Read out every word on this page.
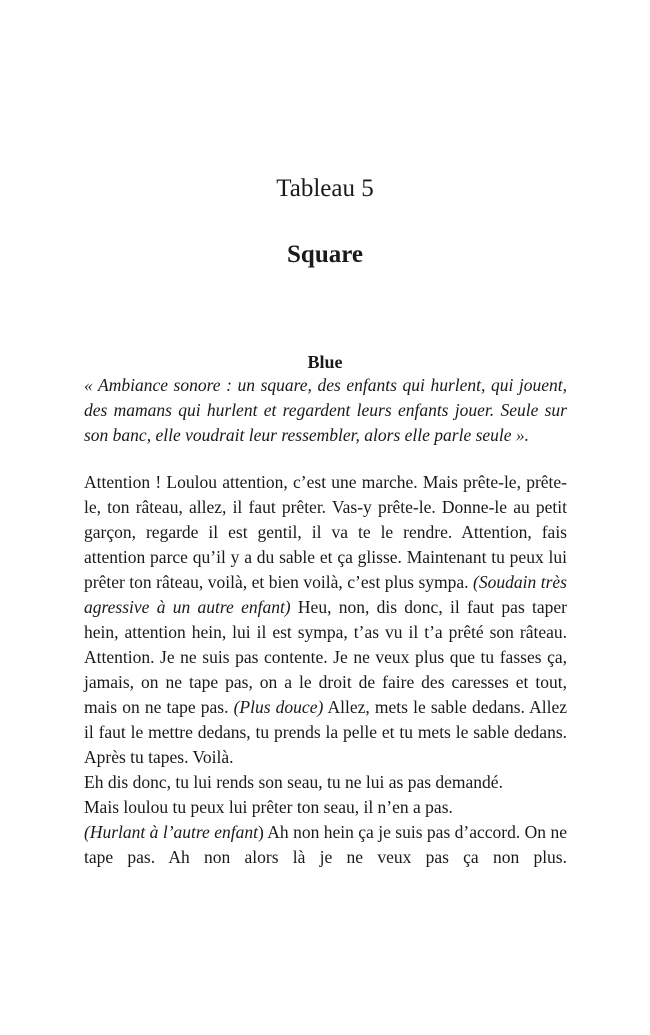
Tableau 5
Square
Blue
« Ambiance sonore : un square, des enfants qui hurlent, qui jouent, des mamans qui hurlent et regardent leurs enfants jouer. Seule sur son banc, elle voudrait leur ressembler, alors elle parle seule ».

Attention ! Loulou attention, c’est une marche. Mais prête-le, prête-le, ton râteau, allez, il faut prêter. Vas-y prête-le. Donne-le au petit garçon, regarde il est gentil, il va te le rendre. Attention, fais attention parce qu’il y a du sable et ça glisse. Maintenant tu peux lui prêter ton râteau, voilà, et bien voilà, c’est plus sympa. (Soudain très agressive à un autre enfant) Heu, non, dis donc, il faut pas taper hein, attention hein, lui il est sympa, t’as vu il t’a prêté son râteau. Attention. Je ne suis pas contente. Je ne veux plus que tu fasses ça, jamais, on ne tape pas, on a le droit de faire des caresses et tout, mais on ne tape pas. (Plus douce) Allez, mets le sable dedans. Allez il faut le mettre dedans, tu prends la pelle et tu mets le sable dedans. Après tu tapes. Voilà.

Eh dis donc, tu lui rends son seau, tu ne lui as pas demandé.

Mais loulou tu peux lui prêter ton seau, il n’en a pas.

(Hurlant à l’autre enfant) Ah non hein ça je suis pas d’accord. On ne tape pas. Ah non alors là je ne veux pas ça non plus.
